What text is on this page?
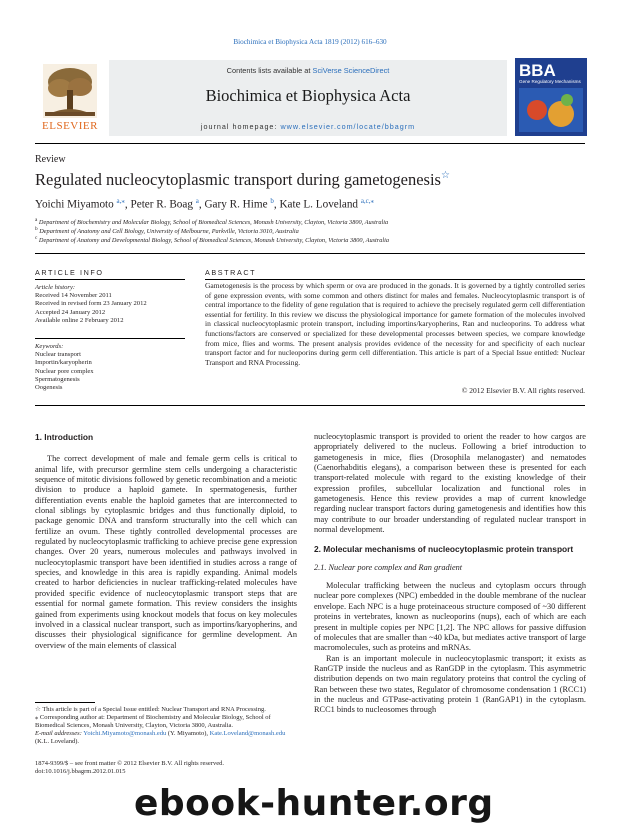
Biochimica et Biophysica Acta 1819 (2012) 616–630
ELSEVIER
Contents lists available at SciVerse ScienceDirect
Biochimica et Biophysica Acta
journal homepage: www.elsevier.com/locate/bbagrm
BBA
Gene Regulatory Mechanisms
Review
Regulated nucleocytoplasmic transport during gametogenesis☆
Yoichi Miyamoto $^{a,⁎}$, Peter R. Boag $^a$, Gary R. Hime $^b$, Kate L. Loveland $^{a,c,⁎}$
$^a$ Department of Biochemistry and Molecular Biology, School of Biomedical Sciences, Monash University, Clayton, Victoria 3800, Australia
$^b$ Department of Anatomy and Cell Biology, University of Melbourne, Parkville, Victoria 3010, Australia
$^c$ Department of Anatomy and Developmental Biology, School of Biomedical Sciences, Monash University, Clayton, Victoria 3800, Australia
ARTICLE INFO
Article history:
Received 14 November 2011
Received in revised form 23 January 2012
Accepted 24 January 2012
Available online 2 February 2012
Keywords:
Nuclear transport
Importin/karyopherin
Nuclear pore complex
Spermatogenesis
Oogenesis
ABSTRACT
Gametogenesis is the process by which sperm or ova are produced in the gonads. It is governed by a tightly controlled series of gene expression events, with some common and others distinct for males and females. Nucleocytoplasmic transport is of central importance to the fidelity of gene regulation that is required to achieve the precisely regulated germ cell differentiation essential for fertility. In this review we discuss the physiological importance for gamete formation of the molecules involved in classical nucleocytoplasmic protein transport, including importins/karyopherins, Ran and nucleoporins. To address what functions/factors are conserved or specialized for these developmental processes between species, we compare knowledge from mice, flies and worms. The present analysis provides evidence of the necessity for and specificity of each nuclear transport factor and for nucleoporins during germ cell differentiation. This article is part of a Special Issue entitled: Nuclear Transport and RNA Processing.
© 2012 Elsevier B.V. All rights reserved.
1. Introduction

The correct development of male and female germ cells is critical to animal life, with precursor germline stem cells undergoing a characteristic sequence of mitotic divisions followed by genetic recombination and a meiotic division to produce a haploid gamete. In spermatogenesis, further differentiation events enable the haploid gametes that are interconnected to clonal siblings by cytoplasmic bridges and thus functionally diploid, to package genomic DNA and transform structurally into the cell which can fertilize an ovum. These tightly controlled developmental processes are regulated by nucleocytoplasmic trafficking to achieve precise gene expression changes. Over 20 years, numerous molecules and pathways involved in nucleocytoplasmic transport have been identified in studies across a range of species, and knowledge in this area is rapidly expanding. Animal models created to harbor deficiencies in nuclear trafficking-related molecules have provided specific evidence of nucleocytoplasmic transport steps that are essential for normal gamete formation. This review considers the insights gained from experiments using knockout models that focus on key molecules involved in a classical nuclear transport, such as importins/karyopherins, and discusses their physiological significance for germline development. An overview of the main elements of classical

☆ This article is part of a Special Issue entitled: Nuclear Transport and RNA Processing.
⁎ Corresponding author at: Department of Biochemistry and Molecular Biology, School of Biomedical Sciences, Monash University, Clayton, Victoria 3800, Australia.
E-mail addresses: Yoichi.Miyamoto@monash.edu (Y. Miyamoto), Kate.Loveland@monash.edu (K.L. Loveland).
1874-9399/$ – see front matter © 2012 Elsevier B.V. All rights reserved.
doi:10.1016/j.bbagrm.2012.01.015

nucleocytoplasmic transport is provided to orient the reader to how cargos are appropriately delivered to the nucleus. Following a brief introduction to gametogenesis in mice, flies (Drosophila melanogaster) and nematodes (Caenorhabditis elegans), a comparison between these is presented for each transport-related molecule with regard to the existing knowledge of their expression profiles, subcellular localization and functional roles in gametogenesis. Hence this review provides a map of current knowledge regarding nuclear transport factors during gametogenesis and identifies how this may contribute to our broader understanding of regulated nuclear transport in normal development.

2. Molecular mechanisms of nucleocytoplasmic protein transport
2.1. Nuclear pore complex and Ran gradient

Molecular trafficking between the nucleus and cytoplasm occurs through nuclear pore complexes (NPC) embedded in the double membrane of the nuclear envelope. Each NPC is a huge proteinaceous structure composed of ~30 different proteins in vertebrates, known as nucleoporins (nups), each of which are each present in multiple copies per NPC [1,2]. The NPC allows for passive diffusion of molecules that are smaller than ~40 kDa, but mediates active transport of large macromolecules, such as proteins and mRNAs.

Ran is an important molecule in nucleocytoplasmic transport; it exists as RanGTP inside the nucleus and as RanGDP in the cytoplasm. This asymmetric distribution depends on two main regulatory proteins that control the cycling of Ran between these two states, Regulator of chromosome condensation 1 (RCC1) in the nucleus and GTPase-activating protein 1 (RanGAP1) in the cytoplasm. RCC1 binds to nucleosomes through

ebook-hunter.org
